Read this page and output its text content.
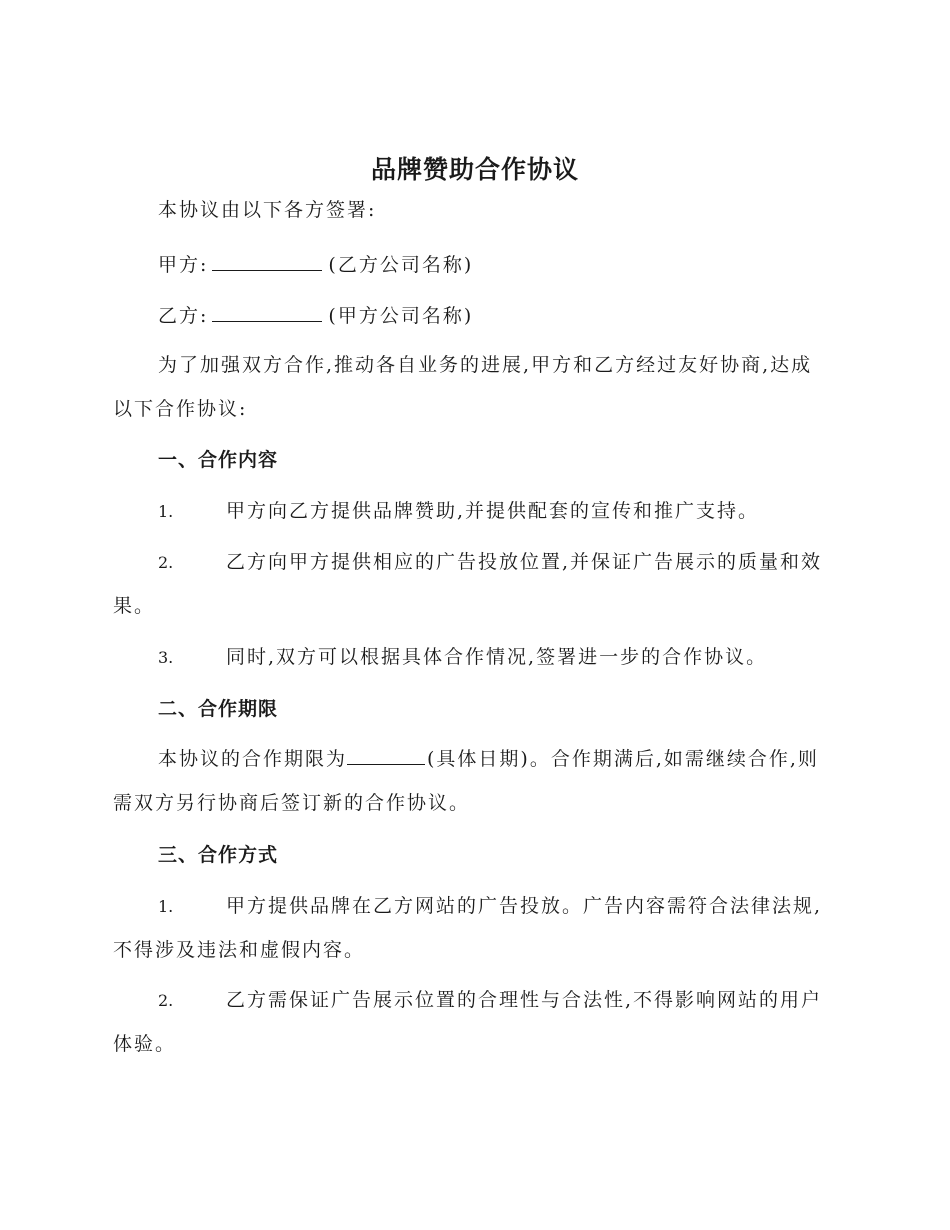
品牌赞助合作协议
本协议由以下各方签署:
甲方:	(乙方公司名称)
乙方:	(甲方公司名称)
为了加强双方合作,推动各自业务的进展,甲方和乙方经过友好协商,达成以下合作协议:
一、合作内容
1.	甲方向乙方提供品牌赞助,并提供配套的宣传和推广支持。
2.	乙方向甲方提供相应的广告投放位置,并保证广告展示的质量和效果。
3.	同时,双方可以根据具体合作情况,签署进一步的合作协议。
二、合作期限
本协议的合作期限为	(具体日期)。合作期满后,如需继续合作,则需双方另行协商后签订新的合作协议。
三、合作方式
1.	甲方提供品牌在乙方网站的广告投放。广告内容需符合法律法规,不得涉及违法和虚假内容。
2.	乙方需保证广告展示位置的合理性与合法性,不得影响网站的用户体验。
